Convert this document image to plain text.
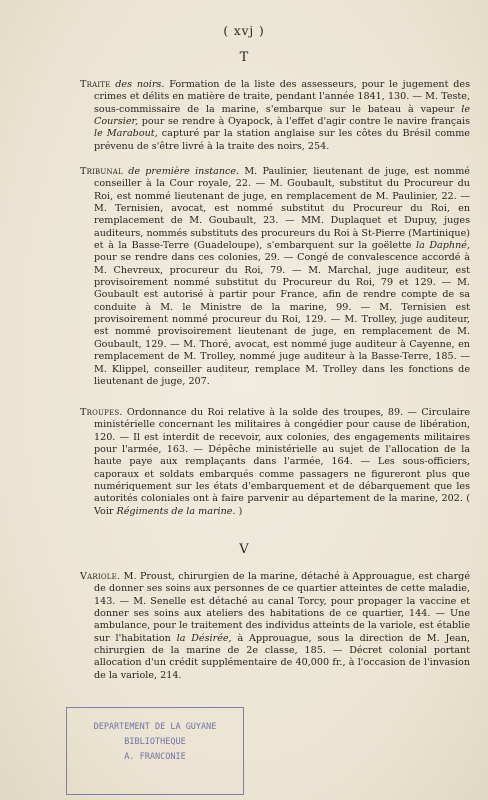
( xvj )
T

Traite des noirs. Formation de la liste des assesseurs, pour le jugement des crimes et délits en matière de traite, pendant l'année 1841, 130. — M. Teste, sous-commissaire de la marine, s'embarque sur le bateau à vapeur le Coursier, pour se rendre à Oyapock, à l'effet d'agir contre le navire français le Marabout, capturé par la station anglaise sur les côtes du Brésil comme prévenu de s'être livré à la traite des noirs, 254.

Tribunal de première instance. M. Paulinier, lieutenant de juge, est nommé conseiller à la Cour royale, 22. — M. Goubault, substitut du Procureur du Roi, est nommé lieutenant de juge, en remplacement de M. Paulinier, 22. — M. Ternisien, avocat, est nommé substitut du Procureur du Roi, en remplacement de M. Goubault, 23. — MM. Duplaquet et Dupuy, juges auditeurs, nommés substituts des procureurs du Roi à St-Pierre (Martinique) et à la Basse-Terre (Guadeloupe), s'embarquent sur la goëlette la Daphné, pour se rendre dans ces colonies, 29. — Congé de convalescence accordé à M. Chevreux, procureur du Roi, 79. — M. Marchal, juge auditeur, est provisoirement nommé substitut du Procureur du Roi, 79 et 129. — M. Goubault est autorisé à partir pour France, afin de rendre compte de sa conduite à M. le Ministre de la marine, 99. — M. Ternisien est provisoirement nommé procureur du Roi, 129. — M. Trolley, juge auditeur, est nommé provisoirement lieutenant de juge, en remplacement de M. Goubault, 129. — M. Thoré, avocat, est nommé juge auditeur à Cayenne, en remplacement de M. Trolley, nommé juge auditeur à la Basse-Terre, 185. — M. Klippel, conseiller auditeur, remplace M. Trolley dans les fonctions de lieutenant de juge, 207.

Troupes. Ordonnance du Roi relative à la solde des troupes, 89. — Circulaire ministérielle concernant les militaires à congédier pour cause de libération, 120. — Il est interdit de recevoir, aux colonies, des engagements militaires pour l'armée, 163. — Dépêche ministérielle au sujet de l'allocation de la haute paye aux remplaçants dans l'armée, 164. — Les sous-officiers, caporaux et soldats embarqués comme passagers ne figureront plus que numériquement sur les états d'embarquement et de débarquement que les autorités coloniales ont à faire parvenir au département de la marine, 202. ( Voir Régiments de la marine. )

V

Variole. M. Proust, chirurgien de la marine, détaché à Approuague, est chargé de donner ses soins aux personnes de ce quartier atteintes de cette maladie, 143. — M. Senelle est détaché au canal Torcy, pour propager la vaccine et donner ses soins aux ateliers des habitations de ce quartier, 144. — Une ambulance, pour le traitement des individus atteints de la variole, est établie sur l'habitation la Désirée, à Approuague, sous la direction de M. Jean, chirurgien de la marine de 2e classe, 185. — Décret colonial portant allocation d'un crédit supplémentaire de 40,000 fr., à l'occasion de l'invasion de la variole, 214.

DEPARTEMENT DE LA GUYANE
BIBLIOTHEQUE
A. FRANCONIE
